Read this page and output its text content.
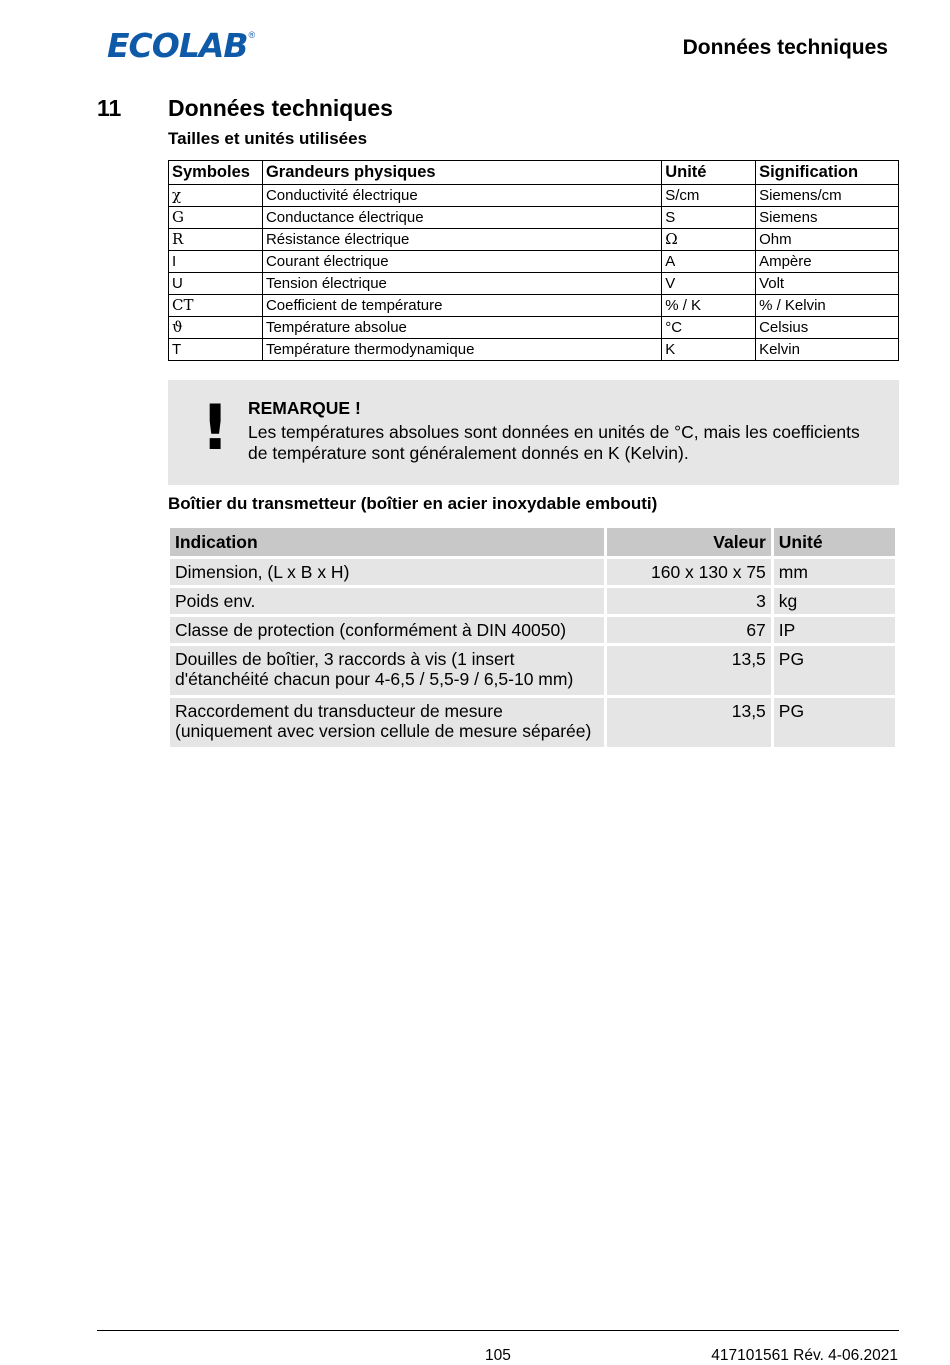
ECOLAB ®
Données techniques
11 Données techniques
Tailles et unités utilisées
Symboles	Grandeurs physiques	Unité	Signification
χ	Conductivité électrique	S/cm	Siemens/cm
G	Conductance électrique	S	Siemens
R	Résistance électrique	Ω	Ohm
I	Courant électrique	A	Ampère
U	Tension électrique	V	Volt
CT	Coefficient de température	% / K	% / Kelvin
ϑ	Température absolue	°C	Celsius
T	Température thermodynamique	K	Kelvin
! REMARQUE !
Les températures absolues sont données en unités de °C, mais les coefficients de température sont généralement donnés en K (Kelvin).
Boîtier du transmetteur (boîtier en acier inoxydable embouti)
Indication	Valeur	Unité
Dimension, (L x B x H)	160 x 130 x 75	mm
Poids env.	3	kg
Classe de protection (conformément à DIN 40050)	67	IP
Douilles de boîtier, 3 raccords à vis (1 insert d'étanchéité chacun pour 4-6,5 / 5,5-9 / 6,5-10 mm)	13,5	PG
Raccordement du transducteur de mesure (uniquement avec version cellule de mesure séparée)	13,5	PG
105	417101561 Rév. 4-06.2021
